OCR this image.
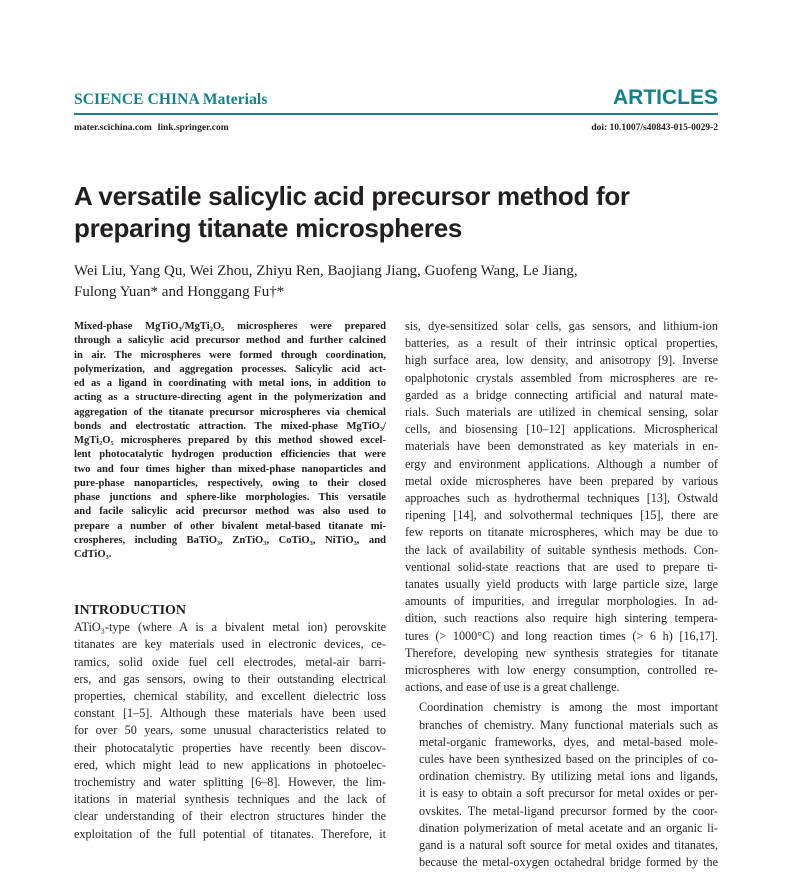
SCIENCE CHINA Materials	ARTICLES
mater.scichina.com link.springer.com	doi: 10.1007/s40843-015-0029-2
A versatile salicylic acid precursor method for
preparing titanate microspheres
Wei Liu, Yang Qu, Wei Zhou, Zhiyu Ren, Baojiang Jiang, Guofeng Wang, Le Jiang,
Fulong Yuan* and Honggang Fu†*
Mixed-phase MgTiO₃/MgTi₂O₅ microspheres were prepared
through a salicylic acid precursor method and further calcined
in air. The microspheres were formed through coordination,
polymerization, and aggregation processes. Salicylic acid act-
ed as a ligand in coordinating with metal ions, in addition to
acting as a structure-directing agent in the polymerization and
aggregation of the titanate precursor microspheres via chemical
bonds and electrostatic attraction. The mixed-phase MgTiO₃/
MgTi₂O₅ microspheres prepared by this method showed excel-
lent photocatalytic hydrogen production efficiencies that were
two and four times higher than mixed-phase nanoparticles and
pure-phase nanoparticles, respectively, owing to their closed
phase junctions and sphere-like morphologies. This versatile
and facile salicylic acid precursor method was also used to
prepare a number of other bivalent metal-based titanate mi-
crospheres, including BaTiO₃, ZnTiO₃, CoTiO₃, NiTiO₃, and
CdTiO₃.
INTRODUCTION
ATiO₃-type (where A is a bivalent metal ion) perovskite
titanates are key materials used in electronic devices, ce-
ramics, solid oxide fuel cell electrodes, metal-air barri-
ers, and gas sensors, owing to their outstanding electrical
properties, chemical stability, and excellent dielectric loss
constant [1–5]. Although these materials have been used
for over 50 years, some unusual characteristics related to
their photocatalytic properties have recently been discov-
ered, which might lead to new applications in photoelec-
trochemistry and water splitting [6–8]. However, the lim-
itations in material synthesis techniques and the lack of
clear understanding of their electron structures hinder the
exploitation of the full potential of titanates. Therefore, it
sis, dye-sensitized solar cells, gas sensors, and lithium-ion
batteries, as a result of their intrinsic optical properties,
high surface area, low density, and anisotropy [9]. Inverse
opalphotonic crystals assembled from microspheres are re-
garded as a bridge connecting artificial and natural mate-
rials. Such materials are utilized in chemical sensing, solar
cells, and biosensing [10–12] applications. Microspherical
materials have been demonstrated as key materials in en-
ergy and environment applications. Although a number of
metal oxide microspheres have been prepared by various
approaches such as hydrothermal techniques [13], Ostwald
ripening [14], and solvothermal techniques [15], there are
few reports on titanate microspheres, which may be due to
the lack of availability of suitable synthesis methods. Con-
ventional solid-state reactions that are used to prepare ti-
tanates usually yield products with large particle size, large
amounts of impurities, and irregular morphologies. In ad-
dition, such reactions also require high sintering tempera-
tures (> 1000°C) and long reaction times (> 6 h) [16,17].
Therefore, developing new synthesis strategies for titanate
microspheres with low energy consumption, controlled re-
actions, and ease of use is a great challenge.
Coordination chemistry is among the most important
branches of chemistry. Many functional materials such as
metal-organic frameworks, dyes, and metal-based mole-
cules have been synthesized based on the principles of co-
ordination chemistry. By utilizing metal ions and ligands,
it is easy to obtain a soft precursor for metal oxides or per-
ovskites. The metal-ligand precursor formed by the coor-
dination polymerization of metal acetate and an organic li-
gand is a natural soft source for metal oxides and titanates,
because the metal-oxygen octahedral bridge formed by the
